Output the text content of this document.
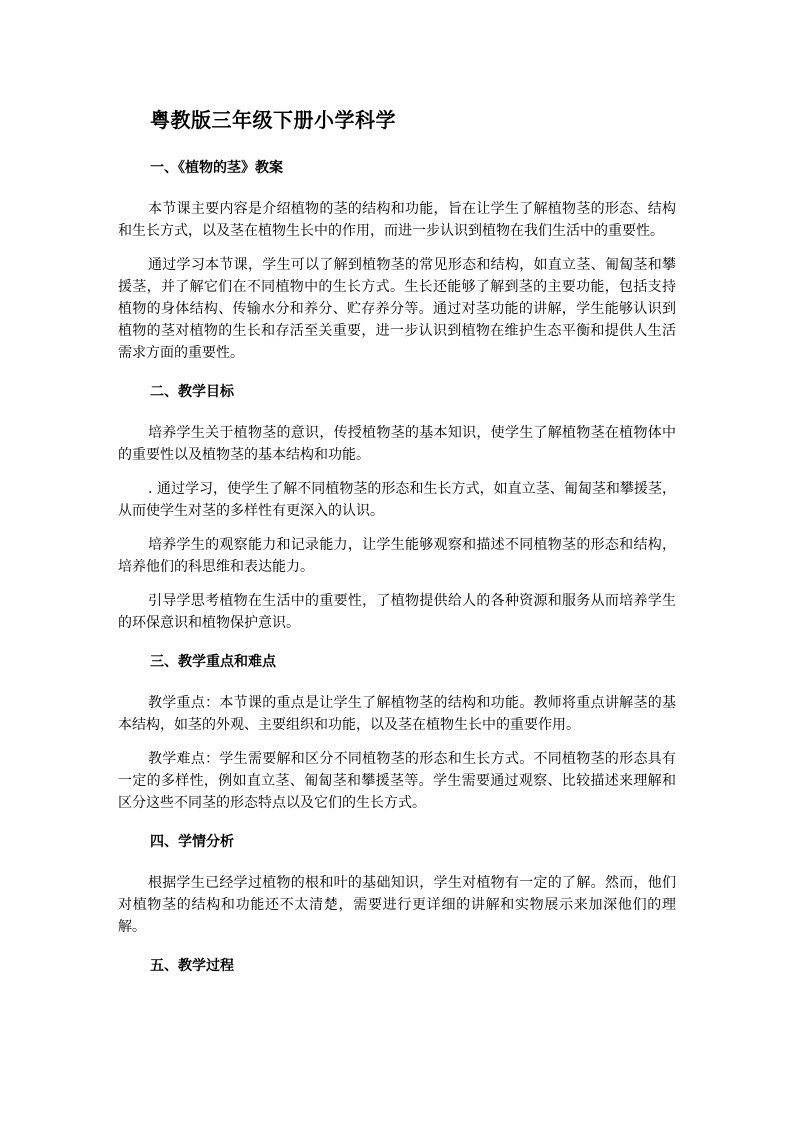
粤教版三年级下册小学科学
一、《植物的茎》教案

本节课主要内容是介绍植物的茎的结构和功能，旨在让学生了解植物茎的形态、结构和生长方式，以及茎在植物生长中的作用，而进一步认识到植物在我们生活中的重要性。

通过学习本节课，学生可以了解到植物茎的常见形态和结构，如直立茎、匍匐茎和攀援茎，并了解它们在不同植物中的生长方式。生长还能够了解到茎的主要功能，包括支持植物的身体结构、传输水分和养分、贮存养分等。通过对茎功能的讲解，学生能够认识到植物的茎对植物的生长和存活至关重要，进一步认识到植物在维护生态平衡和提供人生活需求方面的重要性。

二、教学目标

培养学生关于植物茎的意识，传授植物茎的基本知识，使学生了解植物茎在植物体中的重要性以及植物茎的基本结构和功能。

. 通过学习，使学生了解不同植物茎的形态和生长方式，如直立茎、匍匐茎和攀援茎，从而使学生对茎的多样性有更深入的认识。

培养学生的观察能力和记录能力，让学生能够观察和描述不同植物茎的形态和结构，培养他们的科思维和表达能力。

引导学思考植物在生活中的重要性，了植物提供给人的各种资源和服务从而培养学生的环保意识和植物保护意识。

三、教学重点和难点

教学重点：本节课的重点是让学生了解植物茎的结构和功能。教师将重点讲解茎的基本结构，如茎的外观、主要组织和功能，以及茎在植物生长中的重要作用。

教学难点：学生需要解和区分不同植物茎的形态和生长方式。不同植物茎的形态具有一定的多样性，例如直立茎、匍匐茎和攀援茎等。学生需要通过观察、比较描述来理解和区分这些不同茎的形态特点以及它们的生长方式。

四、学情分析

根据学生已经学过植物的根和叶的基础知识，学生对植物有一定的了解。然而，他们对植物茎的结构和功能还不太清楚，需要进行更详细的讲解和实物展示来加深他们的理解。

五、教学过程
